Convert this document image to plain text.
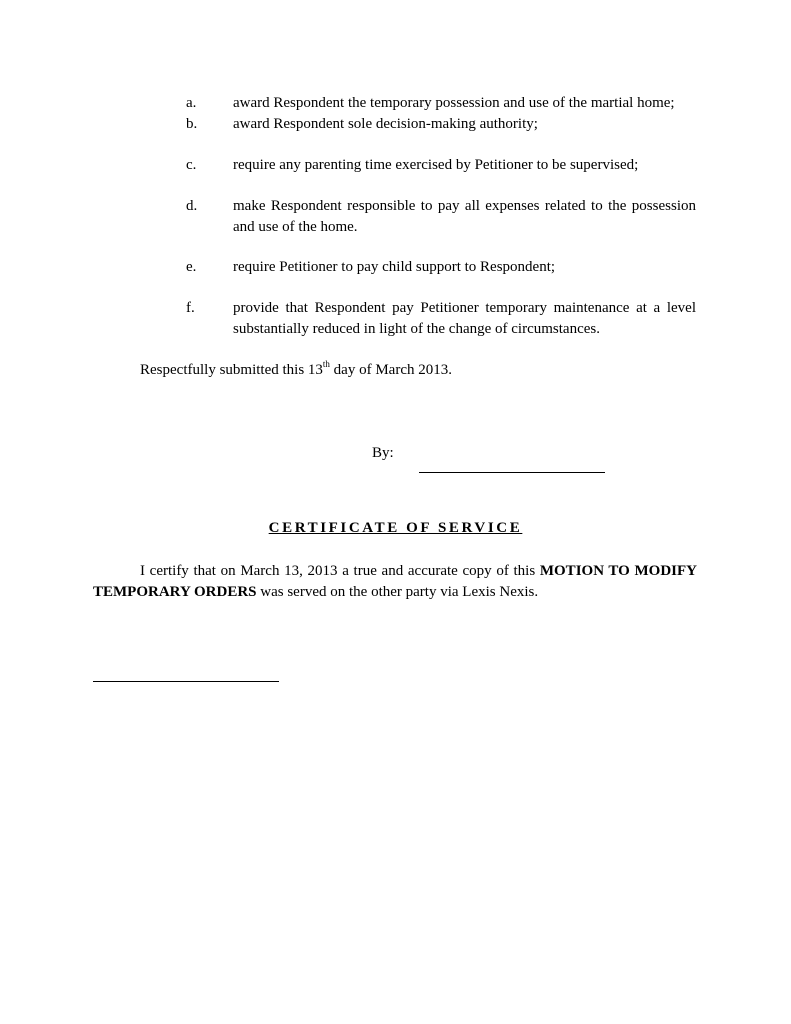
a. award Respondent the temporary possession and use of the martial home;
b. award Respondent sole decision-making authority;
c. require any parenting time exercised by Petitioner to be supervised;
d. make Respondent responsible to pay all expenses related to the possession and use of the home.
e. require Petitioner to pay child support to Respondent;
f.	provide that Respondent pay Petitioner temporary maintenance at a level substantially reduced in light of the change of circumstances.
Respectfully submitted this 13th day of March 2013.
By:
CERTIFICATE OF SERVICE
I certify that on March 13, 2013 a true and accurate copy of this MOTION TO MODIFY TEMPORARY ORDERS was served on the other party via Lexis Nexis.
